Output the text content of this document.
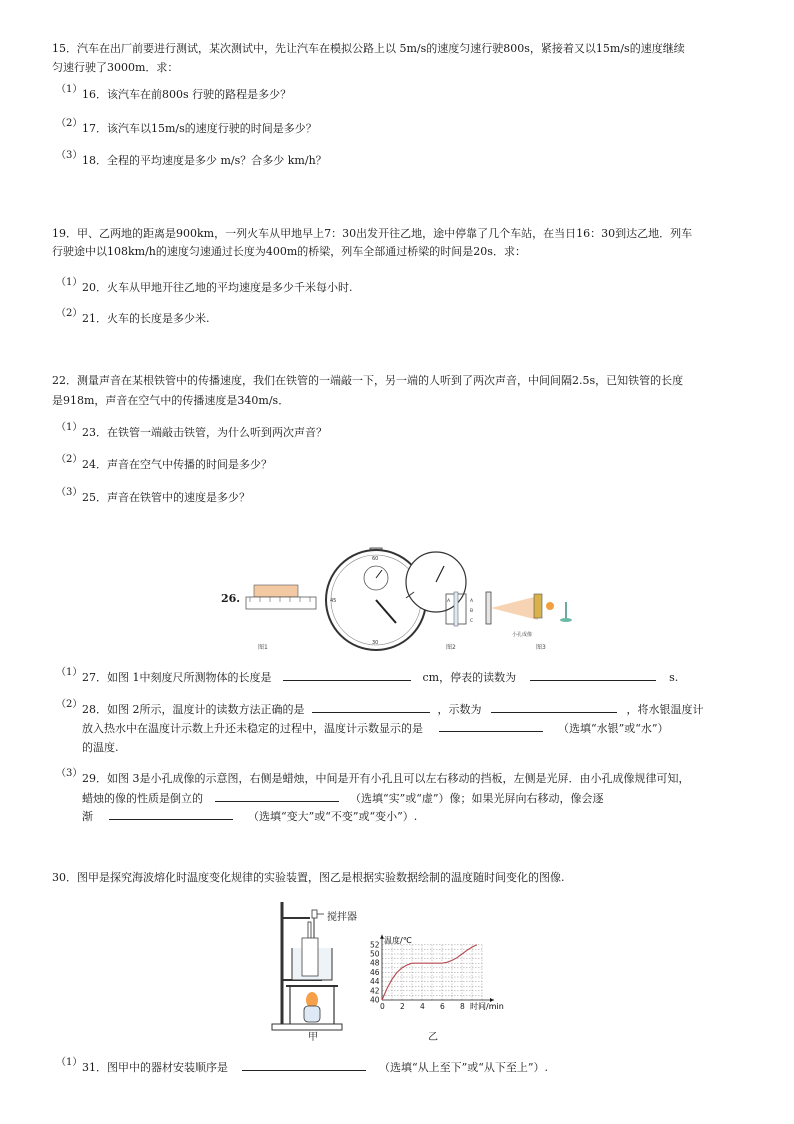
15．汽车在出厂前要进行测试，某次测试中，先让汽车在模拟公路上以 5m/s的速度匀速行驶800s，紧接着又以15m/s的速度继续
匀速行驶了3000m．求：
（1） 16．该汽车在前800s 行驶的路程是多少？
（2） 17．该汽车以15m/s的速度行驶的时间是多少？
（3） 18．全程的平均速度是多少 m/s？合多少 km/h？
19．甲、乙两地的距离是900km，一列火车从甲地早上7：30出发开往乙地，途中停靠了几个车站，在当日16：30到达乙地．列车
行驶途中以108km/h的速度匀速通过长度为400m的桥梁，列车全部通过桥梁的时间是20s．求：
（1） 20．火车从甲地开往乙地的平均速度是多少千米每小时.
（2） 21．火车的长度是多少米.
22．测量声音在某根铁管中的传播速度，我们在铁管的一端敲一下，另一端的人听到了两次声音，中间间隔2.5s，已知铁管的长度
是918m，声音在空气中的传播速度是340m/s．
（1） 23．在铁管一端敲击铁管，为什么听到两次声音？
（2） 24．声音在空气中传播的时间是多少？
（3） 25．声音在铁管中的速度是多少？
26.
60
30
45	A	A
B
C
图1	图2	图3
小孔成像
（1） 27．如图 1中刻度尺所测物体的长度是	cm，停表的读数为	s.
（2） 28．如图 2所示，温度计的读数方法正确的是	，示数为	，将水银温度计
放入热水中在温度计示数上升还未稳定的过程中，温度计示数显示的是	（选填“水银”或“水”）
的温度.
（3） 29．如图 3是小孔成像的示意图，右侧是蜡烛，中间是开有小孔且可以左右移动的挡板，左侧是光屏．由小孔成像规律可知，
蜡烛的像的性质是倒立的	（选填“实”或“虚”）像；如果光屏向右移动，像会逐
渐	（选填“变大”或“不变”或“变小”）.
30．图甲是探究海波熔化时温度变化规律的实验装置，图乙是根据实验数据绘制的温度随时间变化的图像.
搅拌器
甲	乙
0 2 4 6 8
40
42
44
46
48
50
52 温度/℃
时间/min
（1） 31．图甲中的器材安装顺序是	（选填“从上至下”或“从下至上”）.
